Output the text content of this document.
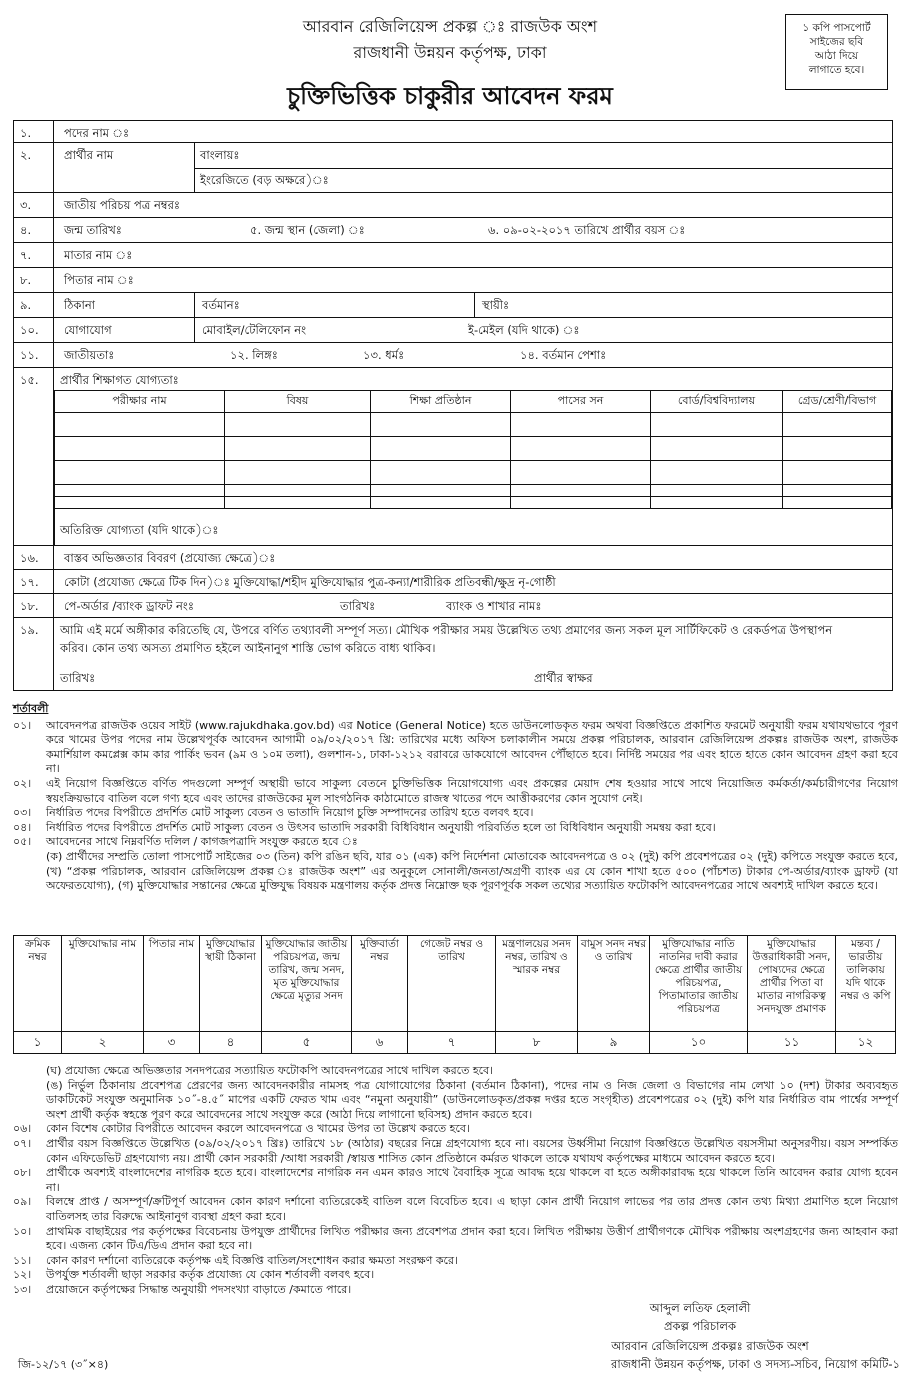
আরবান রেজিলিয়েন্স প্রকল্প ঃ রাজউক অংশ
রাজধানী উন্নয়ন কর্তৃপক্ষ, ঢাকা
চুক্তিভিত্তিক চাকুরীর আবেদন ফরম
১ কপি পাসপোর্ট
সাইজের ছবি
আঠা দিয়ে
লাগাতে হবে।
১.	পদের নাম ঃ
২.	প্রার্থীর নাম	বাংলায়ঃ
ইংরেজিতে (বড় অক্ষরে)ঃ
৩.	জাতীয় পরিচয় পত্র নম্বরঃ
৪.	জন্ম তারিখঃ	৫. জন্ম স্থান (জেলা) ঃ	৬. ০৯-০২-২০১৭ তারিখে প্রার্থীর বয়স ঃ
৭.	মাতার নাম ঃ
৮.	পিতার নাম ঃ
৯.	ঠিকানা	বর্তমানঃ	স্থায়ীঃ
১০.	যোগাযোগ	মোবাইল/টেলিফোন নং	ই-মেইল (যদি থাকে) ঃ
১১.	জাতীয়তাঃ	১২. লিঙ্গঃ	১৩. ধর্মঃ	১৪. বর্তমান পেশাঃ
১৫.	প্রার্থীর শিক্ষাগত যোগ্যতাঃ
পরীক্ষার নাম	বিষয়	শিক্ষা প্রতিষ্ঠান	পাসের সন	বোর্ড/বিশ্ববিদ্যালয়	গ্রেড/শ্রেণী/বিভাগ

অতিরিক্ত যোগ্যতা (যদি থাকে)ঃ
১৬.	বাস্তব অভিজ্ঞতার বিবরণ (প্রযোজ্য ক্ষেত্রে)ঃ
১৭.	কোটা (প্রযোজ্য ক্ষেত্রে টিক দিন)ঃ মুক্তিযোদ্ধা/শহীদ মুক্তিযোদ্ধার পুত্র-কন্যা/শারীরিক প্রতিবন্ধী/ক্ষুদ্র নৃ-গোষ্ঠী
১৮.	পে-অর্ডার /ব্যাংক ড্রাফট নংঃ	তারিখঃ	ব্যাংক ও শাখার নামঃ
১৯.	আমি এই মর্মে অঙ্গীকার করিতেছি যে, উপরে বর্ণিত তথ্যাবলী সম্পূর্ণ সত্য। মৌখিক পরীক্ষার সময় উল্লেখিত তথ্য প্রমাণের জন্য সকল মূল সার্টিফিকেট ও রেকর্ডপত্র উপস্থাপন
করিব। কোন তথ্য অসত্য প্রমাণিত হইলে আইনানুগ শাস্তি ভোগ করিতে বাধ্য থাকিব।
তারিখঃ	প্রার্থীর স্বাক্ষর
শর্তাবলী
০১। আবেদনপত্র রাজউক ওয়েব সাইট (www.rajukdhaka.gov.bd) এর Notice (General Notice) হতে ডাউনলোডকৃত ফরম অথবা বিজ্ঞপ্তিতে প্রকাশিত ফরমেট অনুযায়ী ফরম যথাযথভাবে পূরণ করে খামের উপর পদের নাম উল্লেখপূর্বক আবেদন আগামী ০৯/০২/২০১৭ খ্রি: তারিখের মধ্যে অফিস চলাকালীন সময়ে প্রকল্প পরিচালক, আরবান রেজিলিয়েন্স প্রকল্পঃ রাজউক অংশ, রাজউক কমার্শিয়াল কমপ্লেক্স কাম কার পার্কিং ভবন (৯ম ও ১০ম তলা), গুলশান-১, ঢাকা-১২১২ বরাবরে ডাকযোগে আবেদন পৌঁছাতে হবে। নির্দিষ্ট সময়ের পর এবং হাতে হাতে কোন আবেদন গ্রহণ করা হবে না।
০২। এই নিয়োগ বিজ্ঞপ্তিতে বর্ণিত পদগুলো সম্পূর্ণ অস্থায়ী ভাবে সাকুল্য বেতনে চুক্তিভিত্তিক নিয়োগযোগ্য এবং প্রকল্পের মেয়াদ শেষ হওয়ার সাথে সাথে নিয়োজিত কর্মকর্তা/কর্মচারীগণের নিয়োগ স্বয়ংক্রিয়ভাবে বাতিল বলে গণ্য হবে এবং তাদের রাজউকের মূল সাংগঠনিক কাঠামোতে রাজস্ব খাতের পদে আত্তীকরণের কোন সুযোগ নেই।
০৩। নির্ধারিত পদের বিপরীতে প্রদর্শিত মোট সাকুল্য বেতন ও ভাতাদি নিয়োগ চুক্তি সম্পাদনের তারিখ হতে বলবৎ হবে।
০৪। নির্ধারিত পদের বিপরীতে প্রদর্শিত মোট সাকুল্য বেতন ও উৎসব ভাতাদি সরকারী বিধিবিধান অনুযায়ী পরিবর্তিত হলে তা বিধিবিধান অনুযায়ী সমন্বয় করা হবে।
০৫। আবেদনের সাথে নিম্নবর্ণিত দলিল / কাগজপত্রাদি সংযুক্ত করতে হবে ঃ
(ক) প্রার্থীদের সম্প্রতি তোলা পাসপোর্ট সাইজের ০৩ (তিন) কপি রঙিন ছবি, যার ০১ (এক) কপি নির্দেশনা মোতাবেক আবেদনপত্রে ও ০২ (দুই) কপি প্রবেশপত্রের ০২ (দুই) কপিতে সংযুক্ত করতে হবে, (খ) “প্রকল্প পরিচালক, আরবান রেজিলিয়েন্স প্রকল্প ঃ রাজউক অংশ” এর অনুকূলে সোনালী/জনতা/অগ্রণী ব্যাংক এর যে কোন শাখা হতে ৫০০ (পাঁচশত) টাকার পে-অর্ডার/ব্যাংক ড্রাফট (যা অফেরতযোগ্য), (গ) মুক্তিযোদ্ধার সন্তানের ক্ষেত্রে মুক্তিযুদ্ধ বিষয়ক মন্ত্রণালয় কর্তৃক প্রদত্ত নিম্নোক্ত ছক পূরণপূর্বক সকল তথ্যের সত্যায়িত ফটোকপি আবেদনপত্রের সাথে অবশ্যই দাখিল করতে হবে।
ক্রমিক নম্বর	মুক্তিযোদ্ধার নাম	পিতার নাম	মুক্তিযোদ্ধার স্থায়ী ঠিকানা	মুক্তিযোদ্ধার জাতীয় পরিচয়পত্র, জন্ম তারিখ, জন্ম সনদ, মৃত মুক্তিযোদ্ধার ক্ষেত্রে মৃত্যুর সনদ	মুক্তিবার্তা নম্বর	গেজেট নম্বর ও তারিখ	মন্ত্রণালয়ের সনদ নম্বর, তারিখ ও স্মারক নম্বর	বামুস সনদ নম্বর ও তারিখ	মুক্তিযোদ্ধার নাতি নাতনির দাবী করার ক্ষেত্রে প্রার্থীর জাতীয় পরিচয়পত্র, পিতামাতার জাতীয় পরিচয়পত্র	মুক্তিযোদ্ধার উত্তরাধিকারী সনদ, পোষ্যদের ক্ষেত্রে প্রার্থীর পিতা বা মাতার নাগরিকত্ব সনদযুক্ত প্রমাণক	মন্তব্য / ভারতীয় তালিকায় যদি থাকে নম্বর ও কপি
১	২	৩	৪	৫	৬	৭	৮	৯	১০	১১	১২
(ঘ) প্রযোজ্য ক্ষেত্রে অভিজ্ঞতার সনদপত্রের সত্যায়িত ফটোকপি আবেদনপত্রের সাথে দাখিল করতে হবে।
(ঙ) নির্ভুল ঠিকানায় প্রবেশপত্র প্রেরণের জন্য আবেদনকারীর নামসহ পত্র যোগাযোগের ঠিকানা (বর্তমান ঠিকানা), পদের নাম ও নিজ জেলা ও বিভাগের নাম লেখা ১০ (দশ) টাকার অব্যবহৃত ডাকটিকেট সংযুক্ত অনুমানিক ১০˝-৪.৫˝ মাপের একটি ফেরত খাম এবং “নমুনা অনুযায়ী” (ডাউনলোডকৃত/প্রকল্প দপ্তর হতে সংগৃহীত) প্রবেশপত্রের ০২ (দুই) কপি যার নির্ধারিত বাম পার্শ্বের সম্পূর্ণ অংশ প্রার্থী কর্তৃক স্বহস্তে পূরণ করে আবেদনের সাথে সংযুক্ত করে (আঠা দিয়ে লাগানো ছবিসহ) প্রদান করতে হবে।
০৬। কোন বিশেষ কোটার বিপরীতে আবেদন করলে আবেদনপত্রে ও খামের উপর তা উল্লেখ করতে হবে।
০৭। প্রার্থীর বয়স বিজ্ঞপ্তিতে উল্লেখিত (০৯/০২/২০১৭ খ্রিঃ) তারিখে ১৮ (আঠার) বছরের নিম্নে গ্রহণযোগ্য হবে না। বয়সের উর্ধ্বসীমা নিয়োগ বিজ্ঞপ্তিতে উল্লেখিত বয়সসীমা অনুসরণীয়। বয়স সম্পর্কিত কোন এফিডেভিট গ্রহণযোগ্য নয়। প্রার্থী কোন সরকারী /আধা সরকারী /স্বায়ত্ত শাসিত কোন প্রতিষ্ঠানে কর্মরত থাকলে তাকে যথাযথ কর্তৃপক্ষের মাধ্যমে আবেদন করতে হবে।
০৮। প্রার্থীকে অবশ্যই বাংলাদেশের নাগরিক হতে হবে। বাংলাদেশের নাগরিক নন এমন কারও সাথে বৈবাহিক সূত্রে আবদ্ধ হয়ে থাকলে বা হতে অঙ্গীকারাবদ্ধ হয়ে থাকলে তিনি আবেদন করার যোগ্য হবেন না।
০৯। বিলম্বে প্রাপ্ত / অসম্পূর্ণ/ক্রটিপূর্ণ আবেদন কোন কারণ দর্শানো ব্যতিরেকেই বাতিল বলে বিবেচিত হবে। এ ছাড়া কোন প্রার্থী নিয়োগ লাভের পর তার প্রদত্ত কোন তথ্য মিথ্যা প্রমাণিত হলে নিয়োগ বাতিলসহ তার বিরুদ্ধে আইনানুগ ব্যবস্থা গ্রহণ করা হবে।
১০। প্রাথমিক বাছাইয়ের পর কর্তৃপক্ষের বিবেচনায় উপযুক্ত প্রার্থীদের লিখিত পরীক্ষার জন্য প্রবেশপত্র প্রদান করা হবে। লিখিত পরীক্ষায় উত্তীর্ণ প্রার্থীগণকে মৌখিক পরীক্ষায় অংশগ্রহণের জন্য আহবান করা হবে। এজন্য কোন টিএ/ডিএ প্রদান করা হবে না।
১১। কোন কারণ দর্শানো ব্যতিরেকে কর্তৃপক্ষ এই বিজ্ঞপ্তি বাতিল/সংশোধন করার ক্ষমতা সংরক্ষণ করে।
১২। উপর্যুক্ত শর্তাবলী ছাড়া সরকার কর্তৃক প্রযোজ্য যে কোন শর্তাবলী বলবৎ হবে।
১৩। প্রয়োজনে কর্তৃপক্ষের সিদ্ধান্ত অনুযায়ী পদসংখ্যা বাড়াতে /কমাতে পারে।
আব্দুল লতিফ হেলালী
প্রকল্প পরিচালক
আরবান রেজিলিয়েন্স প্রকল্পঃ রাজউক অংশ
রাজধানী উন্নয়ন কর্তৃপক্ষ, ঢাকা ও সদস্য-সচিব, নিয়োগ কমিটি-১
জি-১২/১৭ (৩˝×৪)
